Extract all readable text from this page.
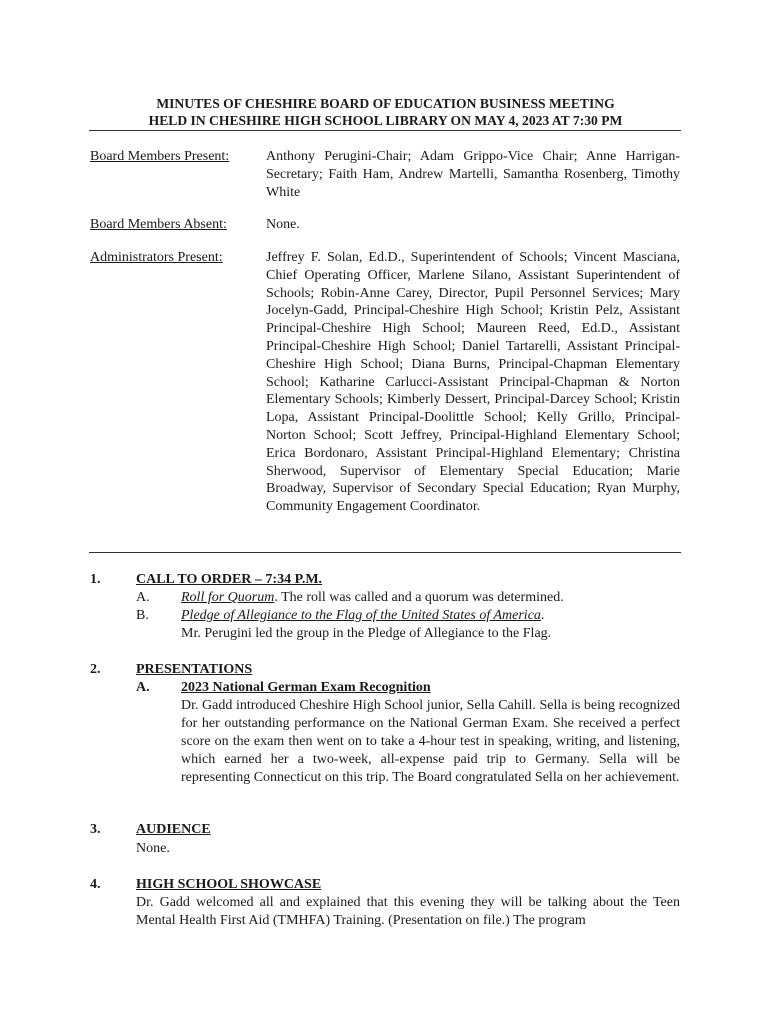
MINUTES OF CHESHIRE BOARD OF EDUCATION BUSINESS MEETING
HELD IN CHESHIRE HIGH SCHOOL LIBRARY ON MAY 4, 2023 AT 7:30 PM
Board Members Present:	Anthony Perugini-Chair; Adam Grippo-Vice Chair; Anne Harrigan-Secretary; Faith Ham, Andrew Martelli, Samantha Rosenberg, Timothy White
Board Members Absent:	None.
Administrators Present:	Jeffrey F. Solan, Ed.D., Superintendent of Schools; Vincent Masciana, Chief Operating Officer, Marlene Silano, Assistant Superintendent of Schools; Robin-Anne Carey, Director, Pupil Personnel Services; Mary Jocelyn-Gadd, Principal-Cheshire High School; Kristin Pelz, Assistant Principal-Cheshire High School; Maureen Reed, Ed.D., Assistant Principal-Cheshire High School; Daniel Tartarelli, Assistant Principal-Cheshire High School; Diana Burns, Principal-Chapman Elementary School; Katharine Carlucci-Assistant Principal-Chapman & Norton Elementary Schools; Kimberly Dessert, Principal-Darcey School; Kristin Lopa, Assistant Principal-Doolittle School; Kelly Grillo, Principal-Norton School; Scott Jeffrey, Principal-Highland Elementary School; Erica Bordonaro, Assistant Principal-Highland Elementary; Christina Sherwood, Supervisor of Elementary Special Education; Marie Broadway, Supervisor of Secondary Special Education; Ryan Murphy, Community Engagement Coordinator.
1.	CALL TO ORDER – 7:34 P.M.
A. Roll for Quorum. The roll was called and a quorum was determined.
B. Pledge of Allegiance to the Flag of the United States of America.
Mr. Perugini led the group in the Pledge of Allegiance to the Flag.
2.	PRESENTATIONS
A. 2023 National German Exam Recognition
Dr. Gadd introduced Cheshire High School junior, Sella Cahill. Sella is being recognized for her outstanding performance on the National German Exam. She received a perfect score on the exam then went on to take a 4-hour test in speaking, writing, and listening, which earned her a two-week, all-expense paid trip to Germany. Sella will be representing Connecticut on this trip. The Board congratulated Sella on her achievement.
3.	AUDIENCE
None.
4.	HIGH SCHOOL SHOWCASE
Dr. Gadd welcomed all and explained that this evening they will be talking about the Teen Mental Health First Aid (TMHFA) Training. (Presentation on file.) The program
